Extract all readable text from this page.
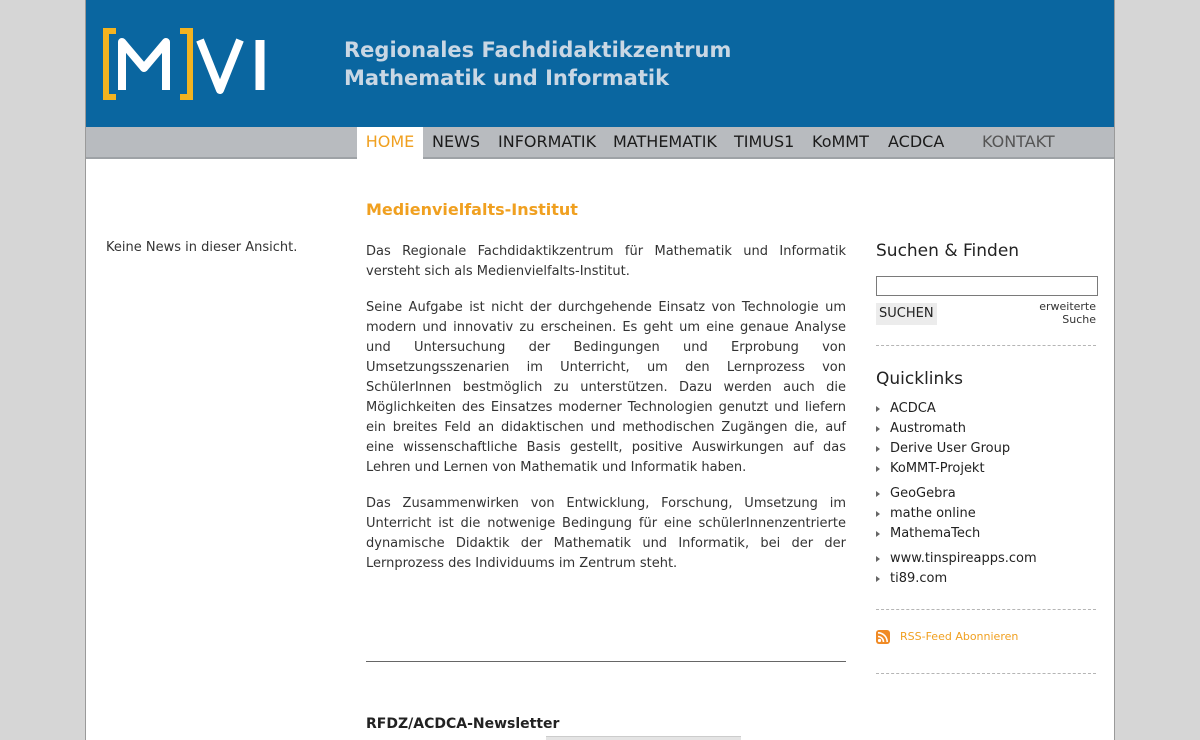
Regionales Fachdidaktikzentrum
Mathematik und Informatik
HOME	NEWS INFORMATIK MATHEMATIK TIMUS1 KoMMT ACDCA KONTAKT
Keine News in dieser Ansicht.
Medienvielfalts-Institut

Das Regionale Fachdidaktikzentrum für Mathematik und Informatik versteht sich als Medienvielfalts-Institut.

Seine Aufgabe ist nicht der durchgehende Einsatz von Technologie um modern und innovativ zu erscheinen. Es geht um eine genaue Analyse und Untersuchung der Bedingungen und Erprobung von Umsetzungsszenarien im Unterricht, um den Lernprozess von SchülerInnen bestmöglich zu unterstützen. Dazu werden auch die Möglichkeiten des Einsatzes moderner Technologien genutzt und liefern ein breites Feld an didaktischen und methodischen Zugängen die, auf eine wissenschaftliche Basis gestellt, positive Auswirkungen auf das Lehren und Lernen von Mathematik und Informatik haben.

Das Zusammenwirken von Entwicklung, Forschung, Umsetzung im Unterricht ist die notwenige Bedingung für eine schülerInnenzentrierte dynamische Didaktik der Mathematik und Informatik, bei der der Lernprozess des Individuums im Zentrum steht.

RFDZ/ACDCA-Newsletter
Suchen & Finden
SUCHEN	erweiterte Suche
Quicklinks
ACDCA
Austromath
Derive User Group
KoMMT-Projekt
GeoGebra
mathe online
MathemaTech
www.tinspireapps.com
ti89.com
RSS-Feed Abonnieren
